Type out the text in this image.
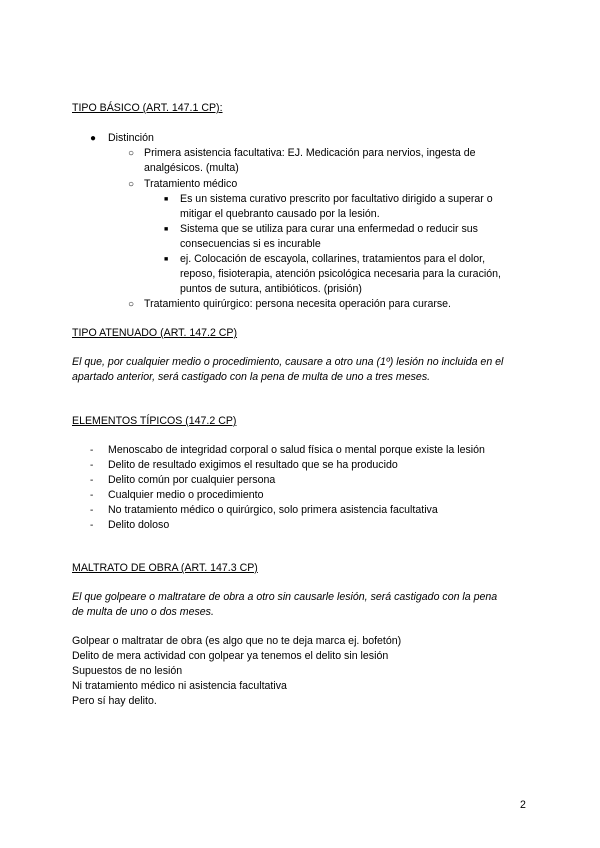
TIPO BÁSICO (ART. 147.1 CP):
● Distinción
○ Primera asistencia facultativa: EJ. Medicación para nervios, ingesta de
analgésicos. (multa)
○ Tratamiento médico
■ Es un sistema curativo prescrito por facultativo dirigido a superar o
mitigar el quebranto causado por la lesión.
■ Sistema que se utiliza para curar una enfermedad o reducir sus
consecuencias si es incurable
■ ej. Colocación de escayola, collarines, tratamientos para el dolor,
reposo, fisioterapia, atención psicológica necesaria para la curación,
puntos de sutura, antibióticos. (prisión)
○ Tratamiento quirúrgico: persona necesita operación para curarse.
TIPO ATENUADO (ART. 147.2 CP)
El que, por cualquier medio o procedimiento, causare a otro una (1º) lesión no incluida en el
apartado anterior, será castigado con la pena de multa de uno a tres meses.
ELEMENTOS TÍPICOS (147.2 CP)
- Menoscabo de integridad corporal o salud física o mental porque existe la lesión
- Delito de resultado exigimos el resultado que se ha producido
- Delito común por cualquier persona
- Cualquier medio o procedimiento
- No tratamiento médico o quirúrgico, solo primera asistencia facultativa
- Delito doloso
MALTRATO DE OBRA (ART. 147.3 CP)
El que golpeare o maltratare de obra a otro sin causarle lesión, será castigado con la pena
de multa de uno o dos meses.
Golpear o maltratar de obra (es algo que no te deja marca ej. bofetón)
Delito de mera actividad con golpear ya tenemos el delito sin lesión
Supuestos de no lesión
Ni tratamiento médico ni asistencia facultativa
Pero sí hay delito.
2
